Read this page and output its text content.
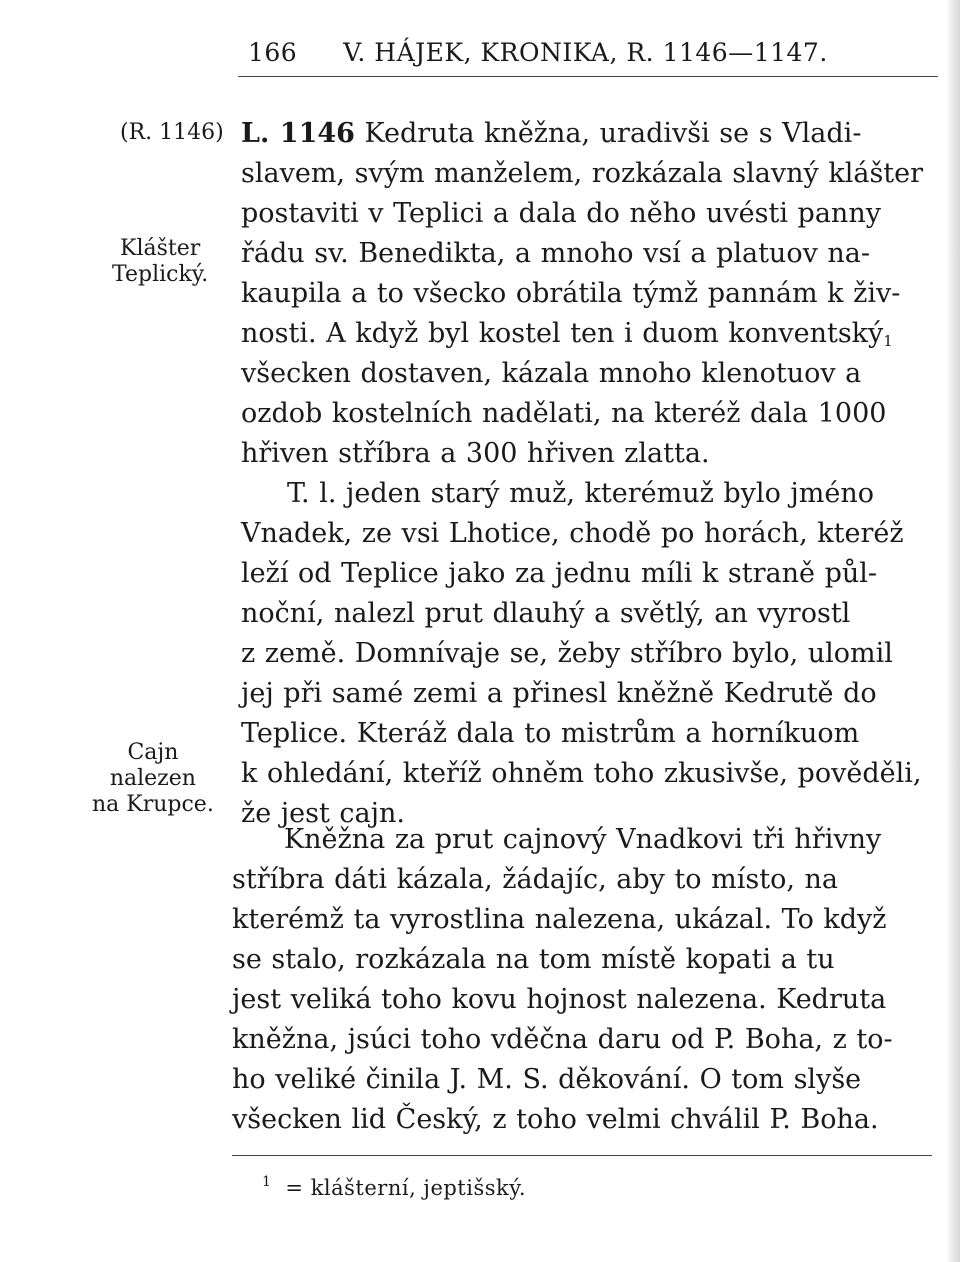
166 V. HÁJEK, KRONIKA, R. 1146—1147.
(R. 1146)
Klášter
Teplický.
Cajn
nalezen
na Krupce.
L. 1146 Kedruta kněžna, uradivši se s Vladi-
slavem, svým manželem, rozkázala slavný klášter
postaviti v Teplici a dala do něho uvésti panny
řádu sv. Benedikta, a mnoho vsí a platuov na-
kaupila a to všecko obrátila týmž pannám k živ-
nosti. A když byl kostel ten i duom konventský$_1$
všecken dostaven, kázala mnoho klenotuov a
ozdob kostelních nadělati, na kteréž dala 1000
hřiven stříbra a 300 hřiven zlatta.
T. l. jeden starý muž, kterémuž bylo jméno
Vnadek, ze vsi Lhotice, chodě po horách, kteréž
leží od Teplice jako za jednu míli k straně půl-
noční, nalezl prut dlauhý a světlý, an vyrostl
z země. Domnívaje se, žeby stříbro bylo, ulomil
jej při samé zemi a přinesl kněžně Kedrutě do
Teplice. Kteráž dala to mistrům a horníkuom
k ohledání, kteříž ohněm toho zkusivše, pověděli,
že jest cajn.
Kněžna za prut cajnový Vnadkovi tři hřivny
stříbra dáti kázala, žádajíc, aby to místo, na
kterémž ta vyrostlina nalezena, ukázal. To když
se stalo, rozkázala na tom místě kopati a tu
jest veliká toho kovu hojnost nalezena. Kedruta
kněžna, jsúci toho vděčna daru od P. Boha, z to-
ho veliké činila J. M. S. děkování. O tom slyše
všecken lid Český, z toho velmi chválil P. Boha.
$^1$ = klášterní, jeptišský.
